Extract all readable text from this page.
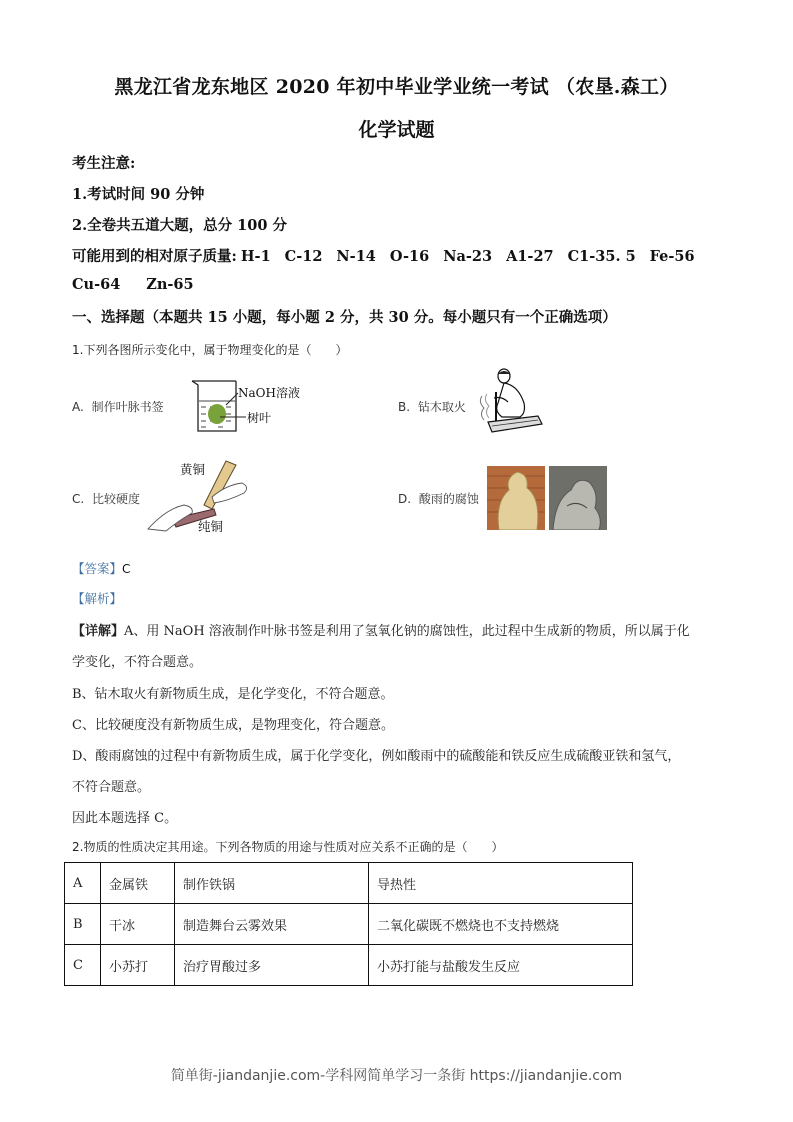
黑龙江省龙东地区 2020 年初中毕业学业统一考试 （农垦.森工）
化学试题
考生注意:
1.考试时间 90 分钟
2.全卷共五道大题，总分 100 分
可能用到的相对原子质量: H-1 C-12 N-14 O-16 Na-23 A1-27 C1-35. 5 Fe-56
Cu-64 Zn-65
一、选择题（本题共 15 小题，每小题 2 分，共 30 分。每小题只有一个正确选项）
1.下列各图所示变化中，属于物理变化的是（　　）
A. 制作叶脉书签
NaOH溶液
树叶
B. 钻木取火
C. 比较硬度
黄铜
纯铜
D. 酸雨的腐蚀
【答案】C
【解析】
【详解】A、用 NaOH 溶液制作叶脉书签是利用了氢氧化钠的腐蚀性，此过程中生成新的物质，所以属于化
学变化，不符合题意。
B、钻木取火有新物质生成，是化学变化，不符合题意。
C、比较硬度没有新物质生成，是物理变化，符合题意。
D、酸雨腐蚀的过程中有新物质生成，属于化学变化，例如酸雨中的硫酸能和铁反应生成硫酸亚铁和氢气，
不符合题意。
因此本题选择 C。
2.物质的性质决定其用途。下列各物质的用途与性质对应关系不正确的是（　　）
A	金属铁	制作铁锅	导热性
B	干冰	制造舞台云雾效果	二氧化碳既不燃烧也不支持燃烧
C	小苏打	治疗胃酸过多	小苏打能与盐酸发生反应
简单街-jiandanjie.com-学科网简单学习一条街 https://jiandanjie.com
